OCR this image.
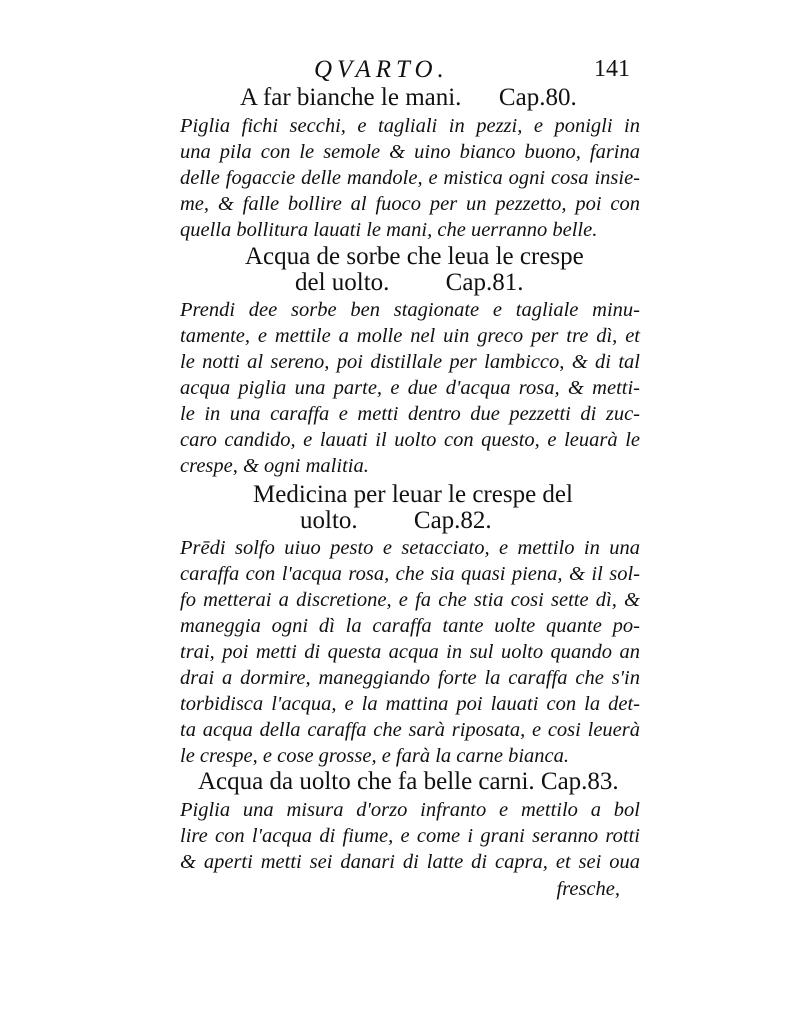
QVARTO.	141
A far bianche le mani.      Cap.80.
Piglia fichi secchi, e tagliali in pezzi, e ponigli in
una pila con le semole & uino bianco buono, farina
delle fogaccie delle mandole, e mistica ogni cosa insie-
me, & falle bollire al fuoco per un pezzetto, poi con
quella bollitura lauati le mani, che uerranno belle.
Acqua de sorbe che leua le crespe
del uolto.         Cap.81.
Prendi dee sorbe ben stagionate e tagliale minu-
tamente, e mettile a molle nel uin greco per tre dì, et
le notti al sereno, poi distillale per lambicco, & di tal
acqua piglia una parte, e due d'acqua rosa, & metti-
le in una caraffa e metti dentro due pezzetti di zuc-
caro candido, e lauati il uolto con questo, e leuarà le
crespe, & ogni malitia.
Medicina per leuar le crespe del
uolto.         Cap.82.
Prēdi solfo uiuo pesto e setacciato, e mettilo in una
caraffa con l'acqua rosa, che sia quasi piena, & il sol-
fo metterai a discretione, e fa che stia cosi sette dì, &
maneggia ogni dì la caraffa tante uolte quante po-
trai, poi metti di questa acqua in sul uolto quando an
drai a dormire, maneggiando forte la caraffa che s'in
torbidisca l'acqua, e la mattina poi lauati con la det-
ta acqua della caraffa che sarà riposata, e cosi leuerà
le crespe, e cose grosse, e farà la carne bianca.
Acqua da uolto che fa belle carni. Cap.83.
Piglia una misura d'orzo infranto e mettilo a bol
lire con l'acqua di fiume, e come i grani seranno rotti
& aperti metti sei danari di latte di capra, et sei oua
fresche,
